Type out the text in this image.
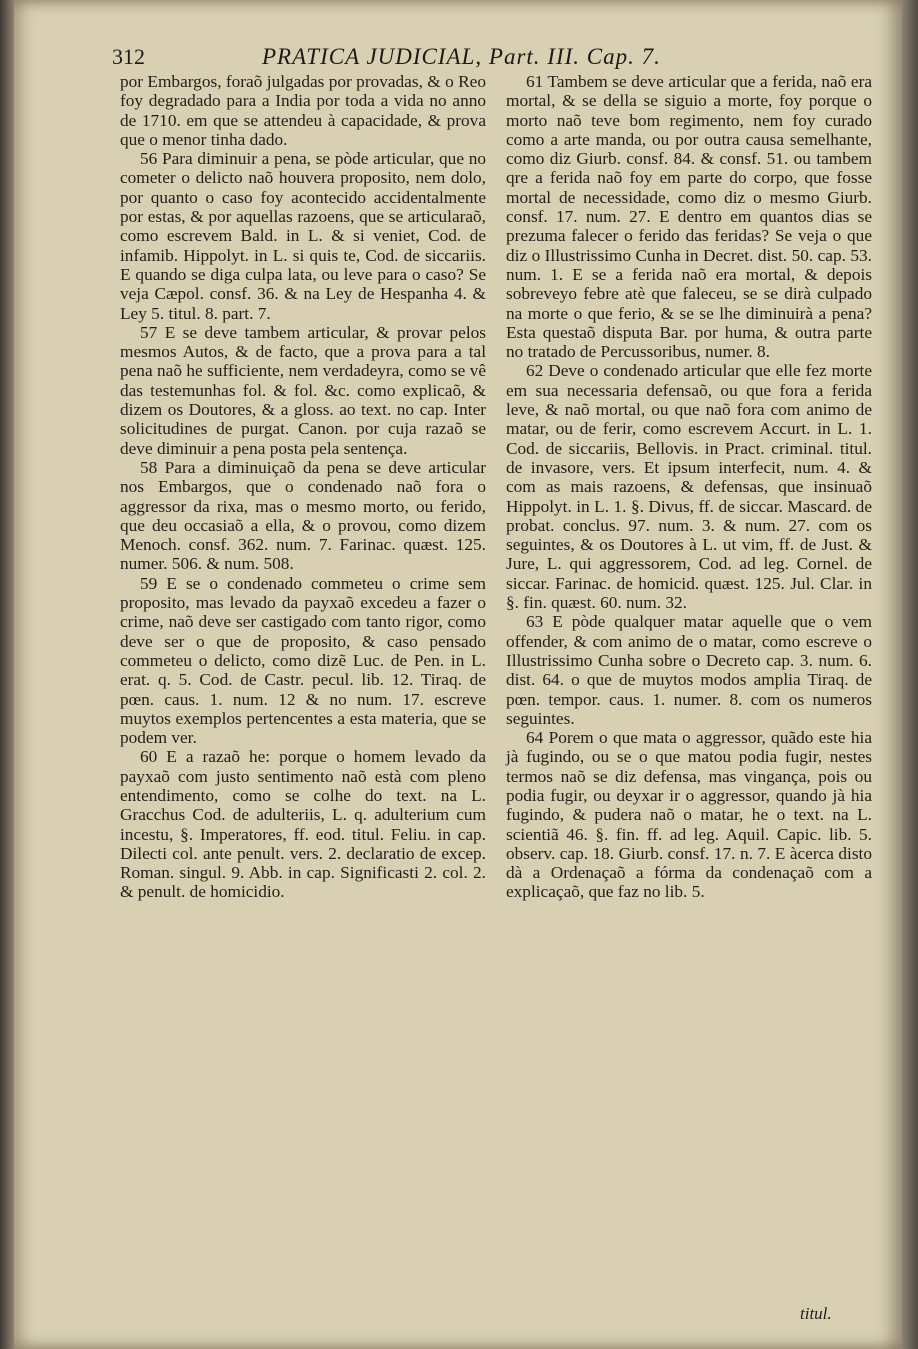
312	PRATICA JUDICIAL, Part. III. Cap. 7.

por Embargos, foraõ julgadas por provadas, & o Reo foy degradado para a India por toda a vida no anno de 1710. em que se attendeu à capacidade, & prova que o menor tinha dado.

56 Para diminuir a pena, se pòde articular, que no cometer o delicto naõ houvera proposito, nem dolo, por quanto o caso foy acontecido accidentalmente por estas, & por aquellas razoens, que se articularaõ, como escrevem Bald. in L. & si veniet, Cod. de infamib. Hippolyt. in L. si quis te, Cod. de siccariis. E quando se diga culpa lata, ou leve para o caso? Se veja Cæpol. consf. 36. & na Ley de Hespanha 4. & Ley 5. titul. 8. part. 7.

57 E se deve tambem articular, & provar pelos mesmos Autos, & de facto, que a prova para a tal pena naõ he sufficiente, nem verdadeyra, como se vê das testemunhas fol. & fol. &c. como explicaõ, & dizem os Doutores, & a gloss. ao text. no cap. Inter solicitudines de purgat. Canon. por cuja razaõ se deve diminuir a pena posta pela sentença.

58 Para a diminuiçaõ da pena se deve articular nos Embargos, que o condenado naõ fora o aggressor da rixa, mas o mesmo morto, ou ferido, que deu occasiaõ a ella, & o provou, como dizem Menoch. consf. 362. num. 7. Farinac. quæst. 125. numer. 506. & num. 508.

59 E se o condenado commeteu o crime sem proposito, mas levado da payxaõ excedeu a fazer o crime, naõ deve ser castigado com tanto rigor, como deve ser o que de proposito, & caso pensado commeteu o delicto, como dizẽ Luc. de Pen. in L. erat. q. 5. Cod. de Castr. pecul. lib. 12. Tiraq. de pœn. caus. 1. num. 12 & no num. 17. escreve muytos exemplos pertencentes a esta materia, que se podem ver.

60 E a razaõ he: porque o homem levado da payxaõ com justo sentimento naõ està com pleno entendimento, como se colhe do text. na L. Gracchus Cod. de adulteriis, L. q. adulterium cum incestu, §. Imperatores, ff. eod. titul. Feliu. in cap. Dilecti col. ante penult. vers. 2. declaratio de excep. Roman. singul. 9. Abb. in cap. Significasti 2. col. 2. & penult. de homicidio.

61 Tambem se deve articular que a ferida, naõ era mortal, & se della se siguio a morte, foy porque o morto naõ teve bom regimento, nem foy curado como a arte manda, ou por outra causa semelhante, como diz Giurb. consf. 84. & consf. 51. ou tambem qre a ferida naõ foy em parte do corpo, que fosse mortal de necessidade, como diz o mesmo Giurb. consf. 17. num. 27. E dentro em quantos dias se prezuma falecer o ferido das feridas? Se veja o que diz o Illustrissimo Cunha in Decret. dist. 50. cap. 53. num. 1. E se a ferida naõ era mortal, & depois sobreveyo febre atè que faleceu, se se dirà culpado na morte o que ferio, & se se lhe diminuirà a pena? Esta questaõ disputa Bar. por huma, & outra parte no tratado de Percussoribus, numer. 8.

62 Deve o condenado articular que elle fez morte em sua necessaria defensaõ, ou que fora a ferida leve, & naõ mortal, ou que naõ fora com animo de matar, ou de ferir, como escrevem Accurt. in L. 1. Cod. de siccariis, Bellovis. in Pract. criminal. titul. de invasore, vers. Et ipsum interfecit, num. 4. & com as mais razoens, & defensas, que insinuaõ Hippolyt. in L. 1. §. Divus, ff. de siccar. Mascard. de probat. conclus. 97. num. 3. & num. 27. com os seguintes, & os Doutores à L. ut vim, ff. de Just. & Jure, L. qui aggressorem, Cod. ad leg. Cornel. de siccar. Farinac. de homicid. quæst. 125. Jul. Clar. in §. fin. quæst. 60. num. 32.

63 E pòde qualquer matar aquelle que o vem offender, & com animo de o matar, como escreve o Illustrissimo Cunha sobre o Decreto cap. 3. num. 6. dist. 64. o que de muytos modos amplia Tiraq. de pœn. tempor. caus. 1. numer. 8. com os numeros seguintes.

64 Porem o que mata o aggressor, quãdo este hia jà fugindo, ou se o que matou podia fugir, nestes termos naõ se diz defensa, mas vingança, pois ou podia fugir, ou deyxar ir o aggressor, quando jà hia fugindo, & pudera naõ o matar, he o text. na L. scientiã 46. §. fin. ff. ad leg. Aquil. Capic. lib. 5. observ. cap. 18. Giurb. consf. 17. n. 7. E àcerca disto dà a Ordenaçaõ a fórma da condenaçaõ com a explicaçaõ, que faz no lib. 5.

titul.
